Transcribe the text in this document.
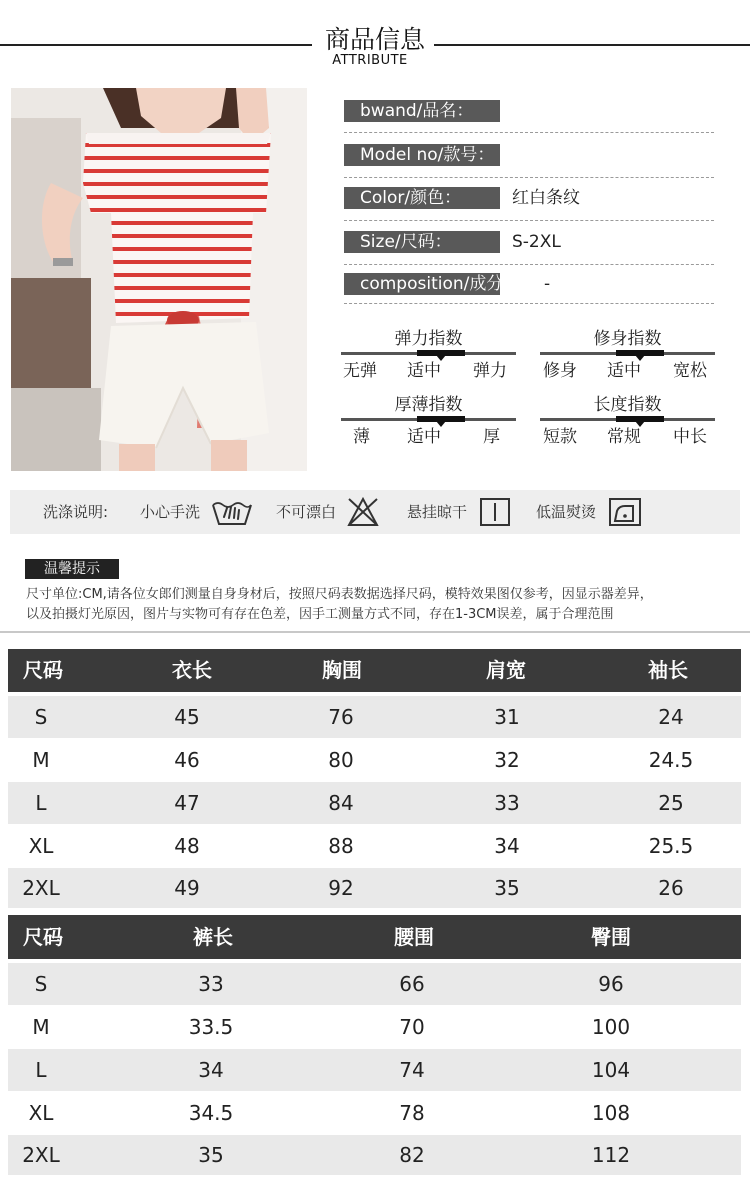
商品信息
ATTRIBUTE
bwand/品名：
Model no/款号：
Color/颜色：	红白条纹
Size/尺码：	S-2XL
composition/成分： -
弹力指数
无弹 适中 弹力
修身指数
修身 适中 宽松
厚薄指数
薄 适中 厚
长度指数
短款 常规 中长
洗涤说明: 小心手洗	不可漂白	悬挂晾干	低温熨烫
温馨提示
尺寸单位:CM,请各位女郎们测量自身身材后，按照尺码表数据选择尺码，模特效果图仅参考，因显示器差异，
以及拍摄灯光原因，图片与实物可有存在色差，因手工测量方式不同，存在1-3CM误差，属于合理范围
尺码	衣长	胸围	肩宽	袖长
S	45	76	31	24
M	46	80	32	24.5
L	47	84	33	25
XL	48	88	34	25.5
2XL	49	92	35	26
尺码	裤长	腰围	臀围
S	33	66	96
M	33.5	70	100
L	34	74	104
XL	34.5	78	108
2XL	35	82	112
